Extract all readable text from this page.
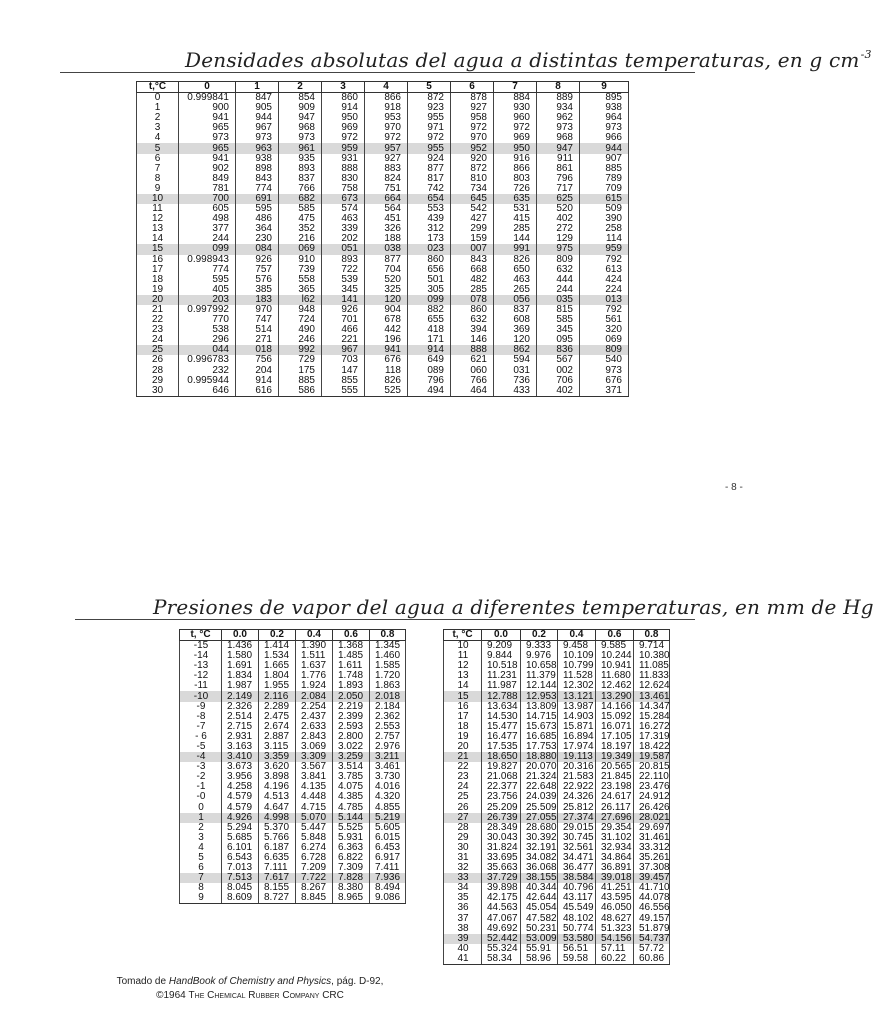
Densidades absolutas del agua a distintas temperaturas, en g $cm^{-3}$
t,°C	0	1	2	3	4	5	6	7	8	9
0	0.999841	847	854	860	866	872	878	884	889	895
1	900	905	909	914	918	923	927	930	934	938
2	941	944	947	950	953	955	958	960	962	964
3	965	967	968	969	970	971	972	972	973	973
4	973	973	973	972	972	972	970	969	968	966
5	965	963	961	959	957	955	952	950	947	944
6	941	938	935	931	927	924	920	916	911	907
7	902	898	893	888	883	877	872	866	861	885
8	849	843	837	830	824	817	810	803	796	789
9	781	774	766	758	751	742	734	726	717	709
10	700	691	682	673	664	654	645	635	625	615
11	605	595	585	574	564	553	542	531	520	509
12	498	486	475	463	451	439	427	415	402	390
13	377	364	352	339	326	312	299	285	272	258
14	244	230	216	202	188	173	159	144	129	114
15	099	084	069	051	038	023	007	991	975	959
16	0.998943	926	910	893	877	860	843	826	809	792
17	774	757	739	722	704	656	668	650	632	613
18	595	576	558	539	520	501	482	463	444	424
19	405	385	365	345	325	305	285	265	244	224
20	203	183	l62	141	120	099	078	056	035	013
21	0.997992	970	948	926	904	882	860	837	815	792
22	770	747	724	701	678	655	632	608	585	561
23	538	514	490	466	442	418	394	369	345	320
24	296	271	246	221	196	171	146	120	095	069
25	044	018	992	967	941	914	888	862	836	809
26	0.996783	756	729	703	676	649	621	594	567	540
28	232	204	175	147	118	089	060	031	002	973
29	0.995944	914	885	855	826	796	766	736	706	676
30	646	616	586	555	525	494	464	433	402	371
- 8 -
Presiones de vapor del agua a diferentes temperaturas, en mm de Hg
t, °C	0.0	0.2	0.4	0.6	0.8
-15	1.436	1.414	1.390	1.368	1.345
-14	1.580	1.534	1.511	1.485	1.460
-13	1.691	1.665	1.637	1.611	1.585
-12	1.834	1.804	1.776	1.748	1.720
-11	1.987	1.955	1.924	1.893	1.863
-10	2.149	2.116	2.084	2.050	2.018
-9	2.326	2.289	2.254	2.219	2.184
-8	2.514	2.475	2.437	2.399	2.362
-7	2.715	2.674	2.633	2.593	2.553
- 6	2.931	2.887	2.843	2.800	2.757
-5	3.163	3.115	3.069	3.022	2.976
-4	3.410	3.359	3.309	3.259	3.211
-3	3.673	3.620	3.567	3.514	3.461
-2	3.956	3.898	3.841	3.785	3.730
-1	4.258	4.196	4.135	4.075	4.016
-0	4.579	4.513	4.448	4.385	4.320
0	4.579	4.647	4.715	4.785	4.855
1	4.926	4.998	5.070	5.144	5.219
2	5.294	5.370	5.447	5.525	5.605
3	5.685	5.766	5.848	5.931	6.015
4	6.101	6.187	6.274	6.363	6.453
5	6.543	6.635	6.728	6.822	6.917
6	7.013	7.111	7.209	7.309	7.411
7	7.513	7.617	7.722	7.828	7.936
8	8.045	8.155	8.267	8.380	8.494
9	8.609	8.727	8.845	8.965	9.086
t, °C	0.0	0.2	0.4	0.6	0.8
10	9.209	9.333	9.458	9.585	9.714
11	9.844	9.976	10.109	10.244	10.380
12	10.518	10.658	10.799	10.941	11.085
13	11.231	11.379	11.528	11.680	11.833
14	11.987	12.144	12.302	12.462	12.624
15	12.788	12.953	13.121	13.290	13.461
16	13.634	13.809	13.987	14.166	14.347
17	14.530	14.715	14.903	15.092	15.284
18	15.477	15.673	15.871	16.071	16.272
19	16.477	16.685	16.894	17.105	17.319
20	17.535	17.753	17.974	18.197	18.422
21	18.650	18.880	19.113	19.349	19.587
22	19.827	20.070	20.316	20.565	20.815
23	21.068	21.324	21.583	21.845	22.110
24	22.377	22.648	22.922	23.198	23.476
25	23.756	24.039	24.326	24.617	24.912
26	25.209	25.509	25.812	26.117	26.426
27	26.739	27.055	27.374	27.696	28.021
28	28.349	28.680	29.015	29.354	29.697
29	30.043	30.392	30.745	31.102	31.461
30	31.824	32.191	32.561	32.934	33.312
31	33.695	34.082	34.471	34.864	35.261
32	35.663	36.068	36.477	36.891	37.308
33	37.729	38.155	38.584	39.018	39.457
34	39.898	40.344	40.796	41.251	41.710
35	42.175	42.644	43.117	43.595	44.078
36	44.563	45.054	45.549	46.050	46.556
37	47.067	47.582	48.102	48.627	49.157
38	49.692	50.231	50.774	51.323	51.879
39	52.442	53.009	53.580	54.156	54.737
40	55.324	55.91	56.51	57.11	57.72
41	58.34	58.96	59.58	60.22	60.86
Tomado de HandBook of Chemistry and Physics, pág. D-92,
©1964 The Chemical Rubber Company CRC
